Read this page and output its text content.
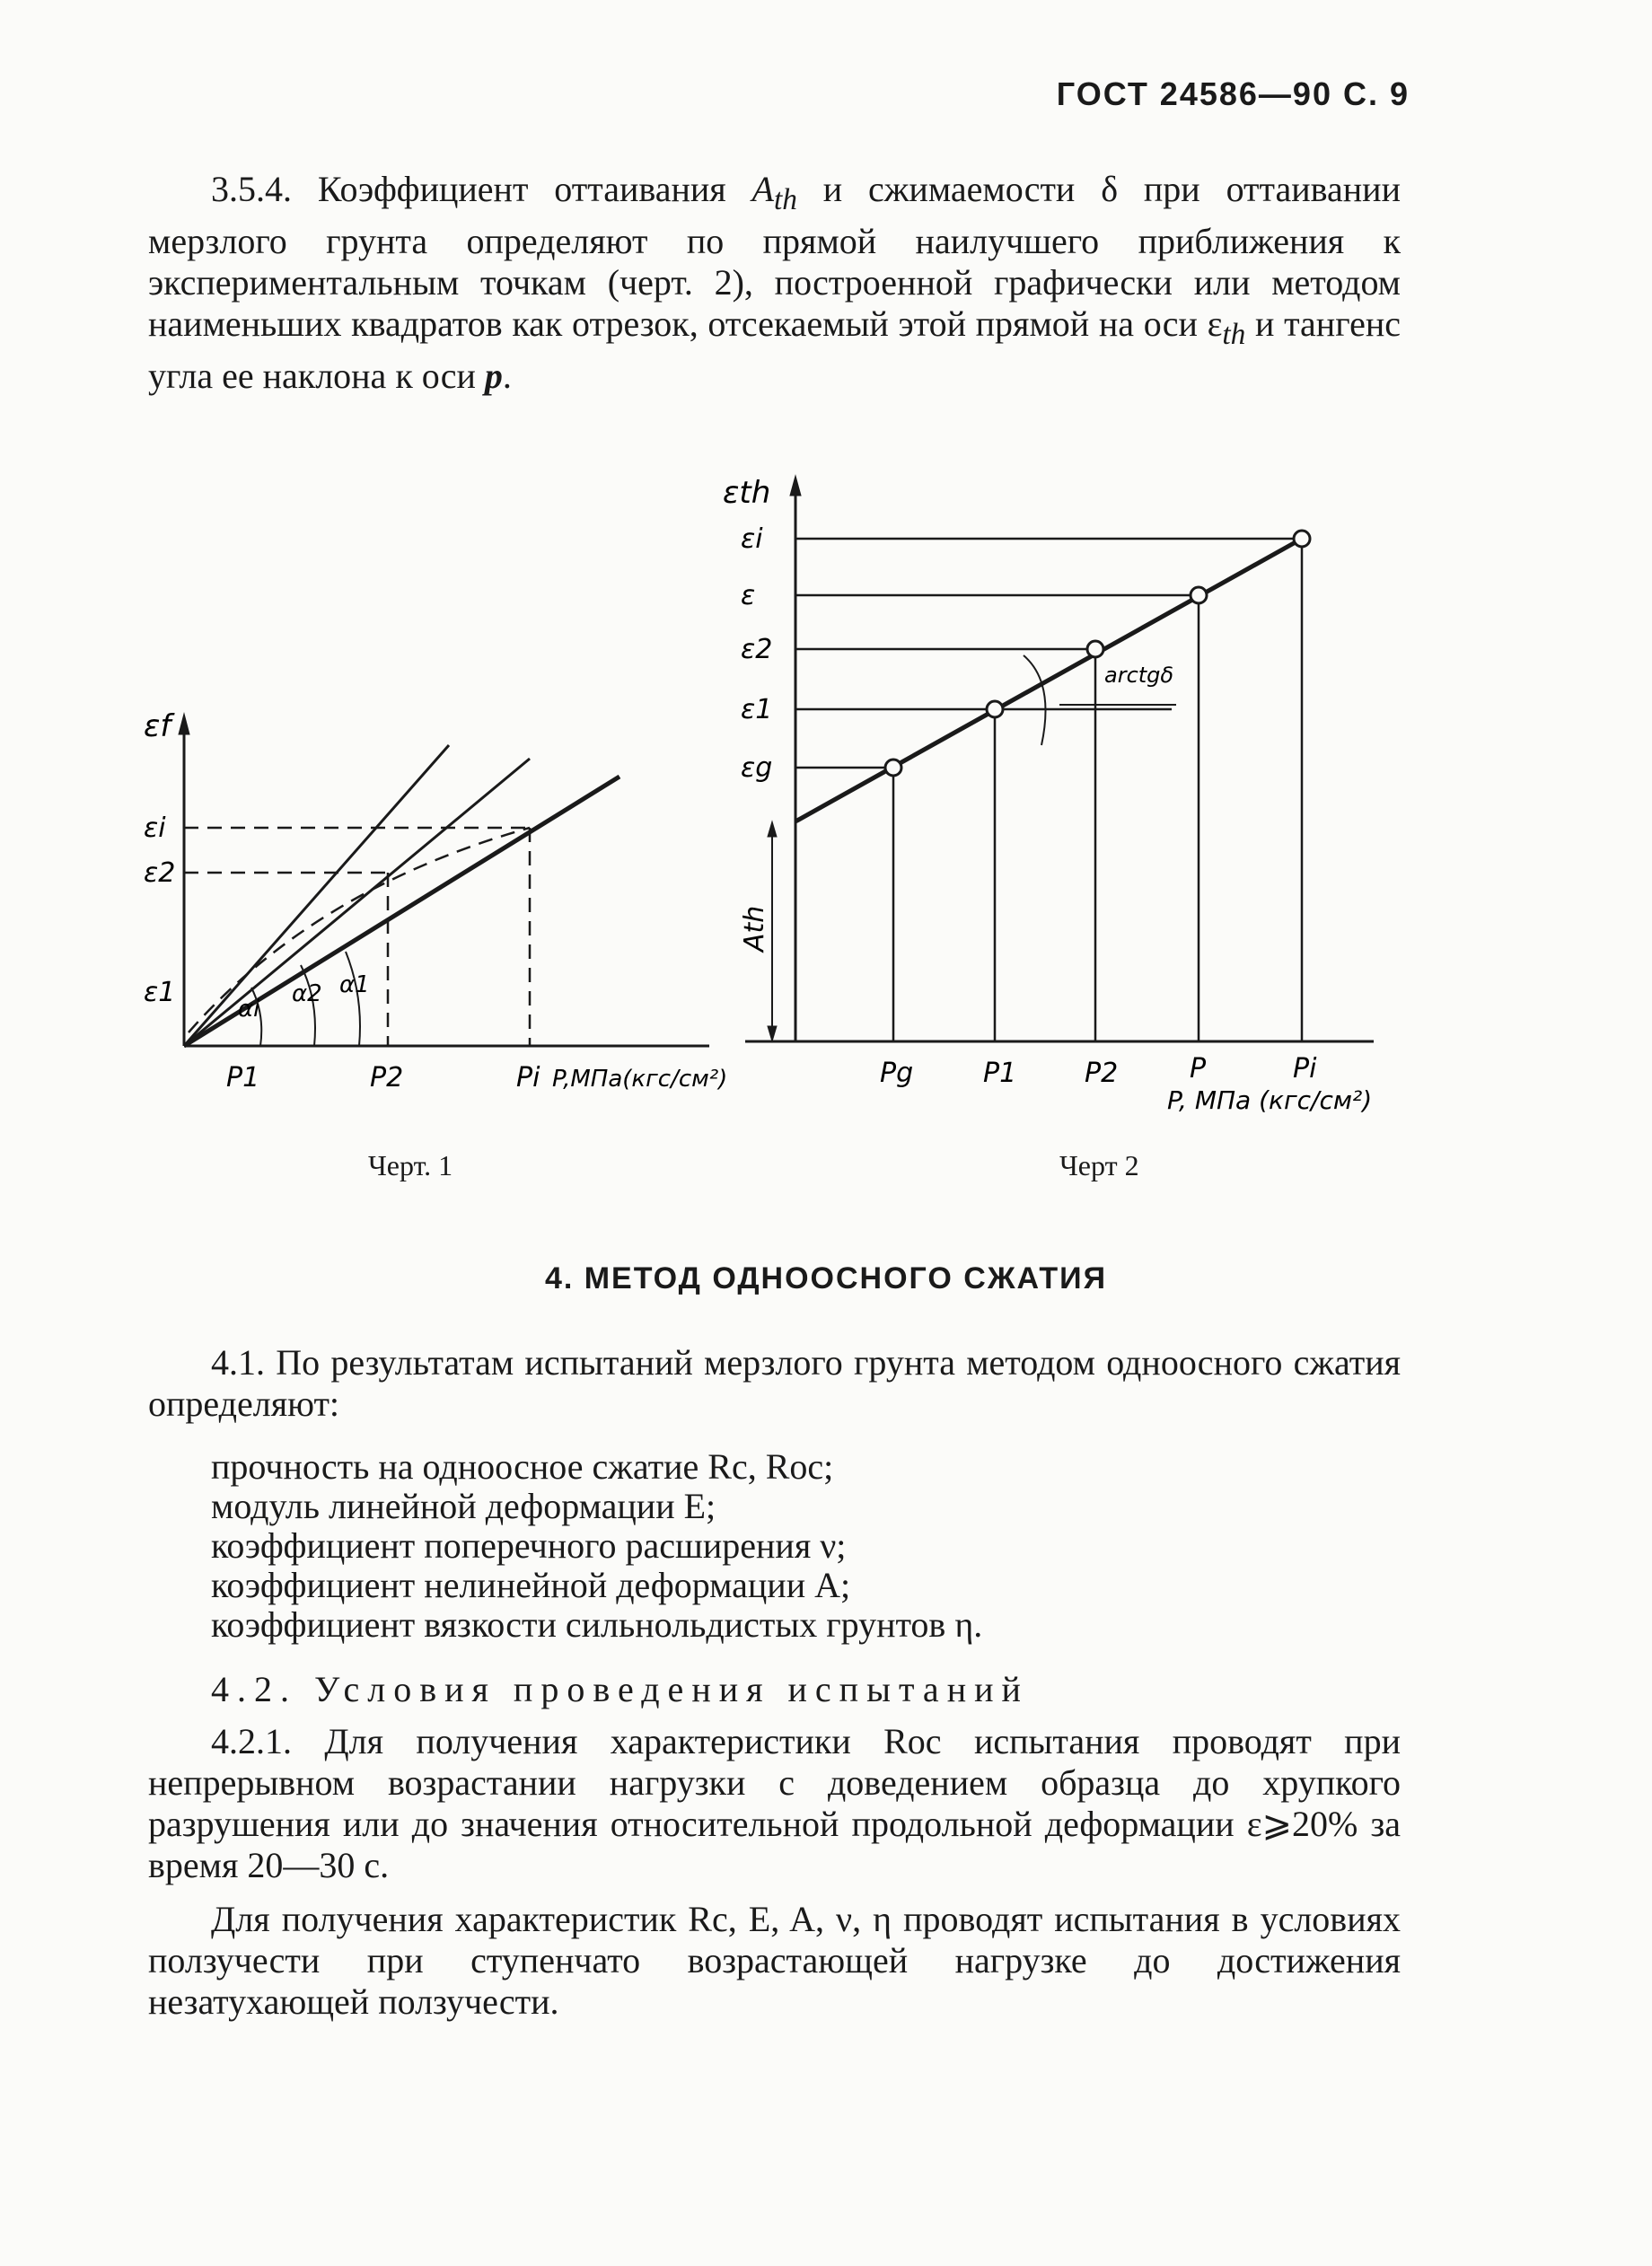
ГОСТ 24586—90 С. 9
3.5.4. Коэффициент оттаивания $A_{th}$ и сжимаемости δ при оттаивании мерзлого грунта определяют по прямой наилучшего приближения к экспериментальным точкам (черт. 2), построенной графически или методом наименьших квадратов как отрезок, отсекаемый этой прямой на оси $\varepsilon_{th}$ и тангенс угла ее наклона к оси p.
εf
εi
ε2
ε1
αi
α2 α1
P1	P2	Pi P,МПа(кгс/см²)
Черт. 1
εth
εi
ε
ε2
ε1
εg
Ath
arctgδ
Pg	P1	P2	P	Pi
P, МПа (кгс/см²)
Черт 2
4. МЕТОД ОДНООСНОГО СЖАТИЯ
4.1. По результатам испытаний мерзлого грунта методом одноосного сжатия определяют:
прочность на одноосное сжатие Rc, Roc;
модуль линейной деформации E;
коэффициент поперечного расширения ν;
коэффициент нелинейной деформации A;
коэффициент вязкости сильнольдистых грунтов η.
4.2. Условия проведения испытаний
4.2.1. Для получения характеристики Roc испытания проводят при непрерывном возрастании нагрузки с доведением образца до хрупкого разрушения или до значения относительной продольной деформации ε⩾20% за время 20—30 с.
Для получения характеристик Rc, E, A, ν, η проводят испытания в условиях ползучести при ступенчато возрастающей нагрузке до достижения незатухающей ползучести.
